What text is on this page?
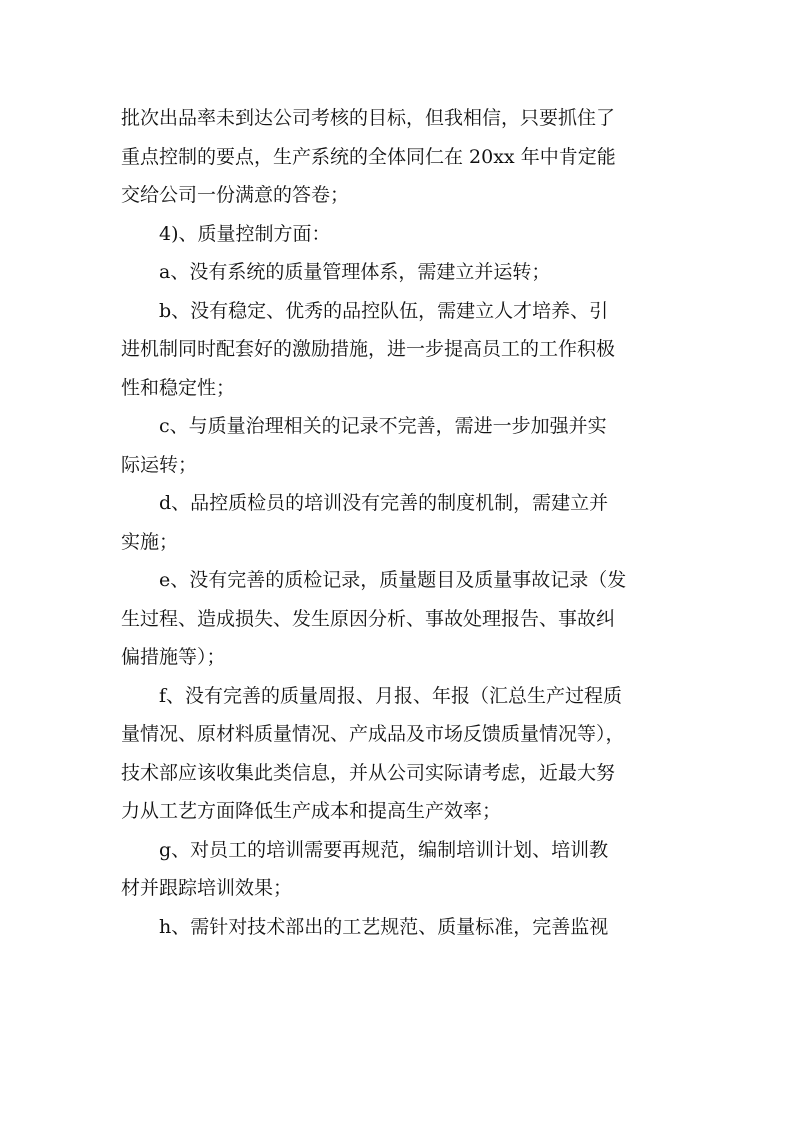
批次出品率未到达公司考核的目标，但我相信，只要抓住了
重点控制的要点，生产系统的全体同仁在 20xx 年中肯定能
交给公司一份满意的答卷；
4)、质量控制方面：
a、没有系统的质量管理体系，需建立并运转；
b、没有稳定、优秀的品控队伍，需建立人才培养、引
进机制同时配套好的激励措施，进一步提高员工的工作积极
性和稳定性；
c、与质量治理相关的记录不完善，需进一步加强并实
际运转；
d、品控质检员的培训没有完善的制度机制，需建立并
实施；
e、没有完善的质检记录，质量题目及质量事故记录（发
生过程、造成损失、发生原因分析、事故处理报告、事故纠
偏措施等）；
f、没有完善的质量周报、月报、年报（汇总生产过程质
量情况、原材料质量情况、产成品及市场反馈质量情况等），
技术部应该收集此类信息，并从公司实际请考虑，近最大努
力从工艺方面降低生产成本和提高生产效率；
g、对员工的培训需要再规范，编制培训计划、培训教
材并跟踪培训效果；
h、需针对技术部出的工艺规范、质量标准，完善监视
